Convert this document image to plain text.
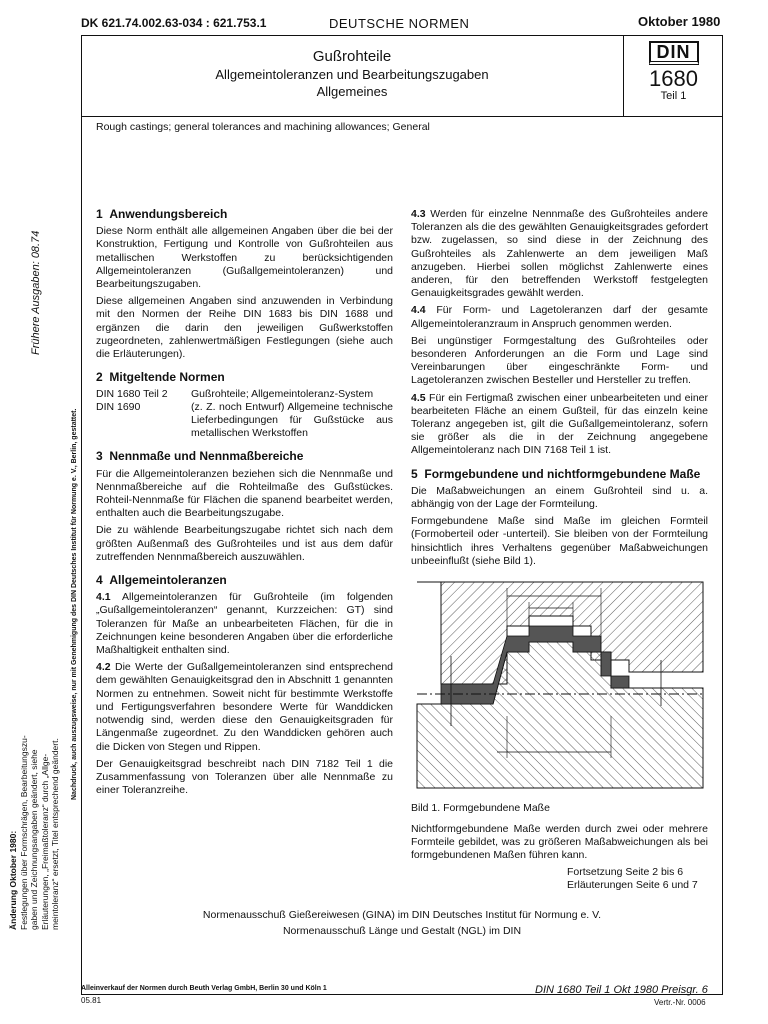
DK 621.74.002.63-034 : 621.753.1	DEUTSCHE NORMEN	Oktober 1980
Gußrohteile
Allgemeintoleranzen und Bearbeitungszugaben
Allgemeines
DIN
1680
Teil 1
Rough castings; general tolerances and machining allowances; General
1 Anwendungsbereich

Diese Norm enthält alle allgemeinen Angaben über die bei der Konstruktion, Fertigung und Kontrolle von Gußrohteilen aus metallischen Werkstoffen zu berücksichtigenden Allgemeintoleranzen (Gußallgemeintoleranzen) und Bearbeitungszugaben.

Diese allgemeinen Angaben sind anzuwenden in Verbindung mit den Normen der Reihe DIN 1683 bis DIN 1688 und ergänzen die darin den jeweiligen Gußwerkstoffen zugeordneten, zahlenwertmäßigen Festlegungen (siehe auch die Erläuterungen).

2 Mitgeltende Normen
DIN 1680 Teil 2	Gußrohteile; Allgemeintoleranz-System
DIN 1690	(z. Z. noch Entwurf) Allgemeine technische Lieferbedingungen für Gußstücke aus metallischen Werkstoffen
3 Nennmaße und Nennmaßbereiche

Für die Allgemeintoleranzen beziehen sich die Nennmaße und Nennmaßbereiche auf die Rohteilmaße des Gußstückes. Rohteil-Nennmaße für Flächen die spanend bearbeitet werden, enthalten auch die Bearbeitungszugabe.

Die zu wählende Bearbeitungszugabe richtet sich nach dem größten Außenmaß des Gußrohteiles und ist aus dem dafür zutreffenden Nennmaßbereich auszuwählen.

4 Allgemeintoleranzen

4.1 Allgemeintoleranzen für Gußrohteile (im folgenden „Gußallgemeintoleranzen“ genannt, Kurzzeichen: GT) sind Toleranzen für Maße an unbearbeiteten Flächen, für die in Zeichnungen keine besonderen Angaben über die erforderliche Maßhaltigkeit enthalten sind.

4.2 Die Werte der Gußallgemeintoleranzen sind entsprechend dem gewählten Genauigkeitsgrad den in Abschnitt 1 genannten Normen zu entnehmen. Soweit nicht für bestimmte Werkstoffe und Fertigungsverfahren besondere Werte für Wanddicken notwendig sind, werden diese den Genauigkeitsgraden für Längenmaße zugeordnet. Zu den Wanddicken gehören auch die Dicken von Stegen und Rippen.

Der Genauigkeitsgrad beschreibt nach DIN 7182 Teil 1 die Zusammenfassung von Toleranzen über alle Nennmaße zu einer Toleranzreihe.

4.3 Werden für einzelne Nennmaße des Gußrohteiles andere Toleranzen als die des gewählten Genauigkeitsgrades gefordert bzw. zugelassen, so sind diese in der Zeichnung des Gußrohteiles als Zahlenwerte an dem jeweiligen Maß anzugeben. Hierbei sollen möglichst Zahlenwerte eines anderen, für den betreffenden Werkstoff festgelegten Genauigkeitsgrades gewählt werden.

4.4 Für Form- und Lagetoleranzen darf der gesamte Allgemeintoleranzraum in Anspruch genommen werden.

Bei ungünstiger Formgestaltung des Gußrohteiles oder besonderen Anforderungen an die Form und Lage sind Vereinbarungen über eingeschränkte Form- und Lagetoleranzen zwischen Besteller und Hersteller zu treffen.

4.5 Für ein Fertigmaß zwischen einer unbearbeiteten und einer bearbeiteten Fläche an einem Gußteil, für das einzeln keine Toleranz angegeben ist, gilt die Gußallgemeintoleranz, sofern sie größer als die in der Zeichnung angegebene Allgemeintoleranz nach DIN 7168 Teil 1 ist.

5 Formgebundene und nichtformgebundene Maße

Die Maßabweichungen an einem Gußrohteil sind u. a. abhängig von der Lage der Formteilung.

Formgebundene Maße sind Maße im gleichen Formteil (Formoberteil oder -unterteil). Sie bleiben von der Formteilung hinsichtlich ihres Verhaltens gegenüber Maßabweichungen unbeeinflußt (siehe Bild 1).

Bild 1. Formgebundene Maße

Nichtformgebundene Maße werden durch zwei oder mehrere Formteile gebildet, was zu größeren Maßabweichungen als bei formgebundenen Maßen führen kann.

Fortsetzung Seite 2 bis 6
Erläuterungen Seite 6 und 7
Normenausschuß Gießereiwesen (GINA) im DIN Deutsches Institut für Normung e. V.
Normenausschuß Länge und Gestalt (NGL) im DIN
Alleinverkauf der Normen durch Beuth Verlag GmbH, Berlin 30 und Köln 1
05.81
DIN 1680 Teil 1 Okt 1980 Preisgr. 6
Vertr.-Nr. 0006
Frühere Ausgaben: 08.74
Nachdruck, auch auszugsweise, nur mit Genehmigung des DIN Deutsches Institut für Normung e. V., Berlin, gestattet.
Änderung Oktober 1980: Festlegungen über Formschrägen, Bearbeitungszu- gaben und Zeichnungsangaben geändert, siehe Erläuterungen, „Freimaßtoleranz“ durch „Allge- meintoleranz“ ersetzt, Titel entsprechend geändert.
